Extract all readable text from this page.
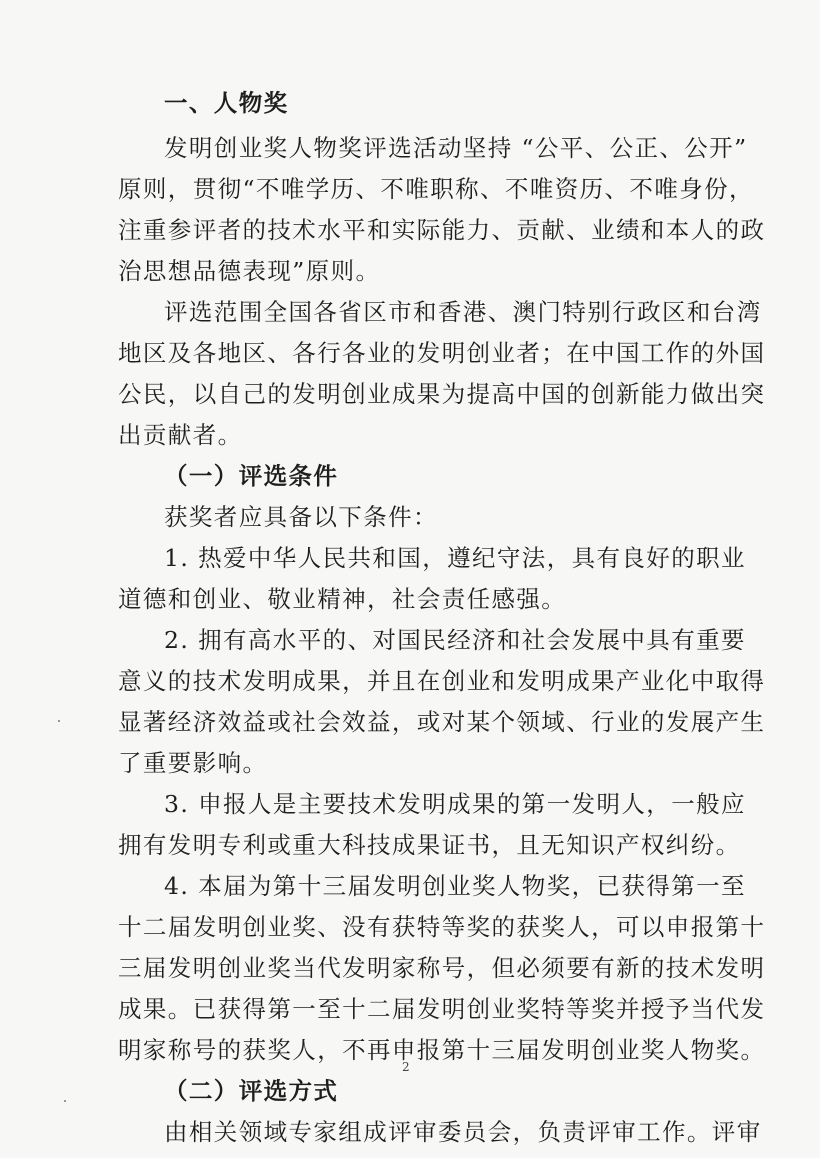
一、人物奖
发明创业奖人物奖评选活动坚持 “公平、公正、公开”
原则，贯彻“不唯学历、不唯职称、不唯资历、不唯身份，
注重参评者的技术水平和实际能力、贡献、业绩和本人的政
治思想品德表现”原则。
评选范围全国各省区市和香港、澳门特别行政区和台湾
地区及各地区、各行各业的发明创业者；在中国工作的外国
公民，以自己的发明创业成果为提高中国的创新能力做出突
出贡献者。
（一）评选条件
获奖者应具备以下条件：
1. 热爱中华人民共和国，遵纪守法，具有良好的职业
道德和创业、敬业精神，社会责任感强。
2. 拥有高水平的、对国民经济和社会发展中具有重要
意义的技术发明成果，并且在创业和发明成果产业化中取得
显著经济效益或社会效益，或对某个领域、行业的发展产生
了重要影响。
3. 申报人是主要技术发明成果的第一发明人，一般应
拥有发明专利或重大科技成果证书，且无知识产权纠纷。
4. 本届为第十三届发明创业奖人物奖，已获得第一至
十二届发明创业奖、没有获特等奖的获奖人，可以申报第十
三届发明创业奖当代发明家称号，但必须要有新的技术发明
成果。已获得第一至十二届发明创业奖特等奖并授予当代发
明家称号的获奖人，不再申报第十三届发明创业奖人物奖。
（二）评选方式
由相关领域专家组成评审委员会，负责评审工作。评审
2
